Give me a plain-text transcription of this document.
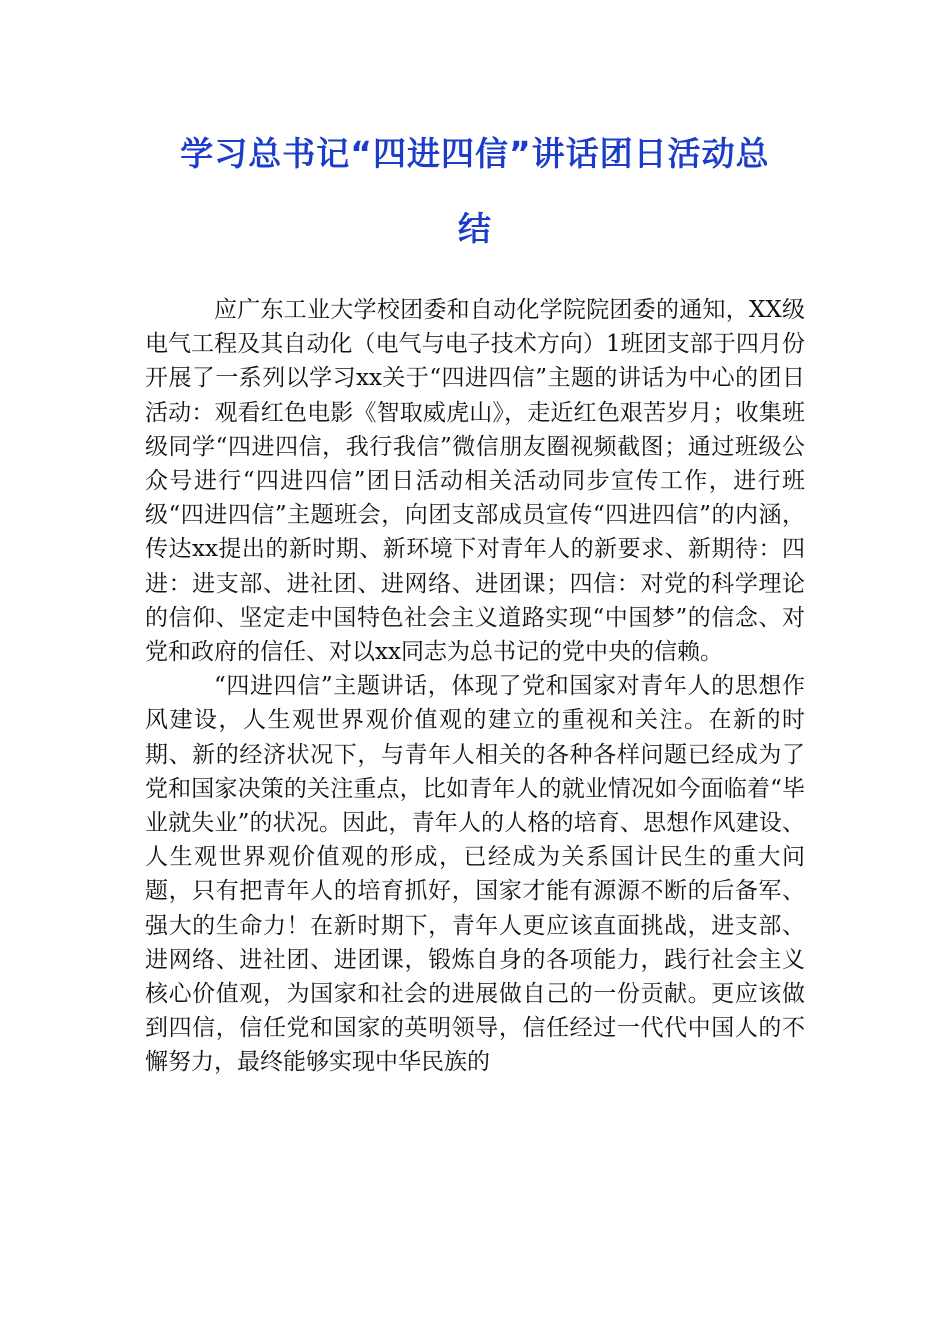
学习总书记“四进四信”讲话团日活动总
结

应广东工业大学校团委和自动化学院院团委的通知，XX级电气工程及其自动化（电气与电子技术方向）1班团支部于四月份开展了一系列以学习xx关于“四进四信”主题的讲话为中心的团日活动：观看红色电影《智取威虎山》，走近红色艰苦岁月；收集班级同学“四进四信，我行我信”微信朋友圈视频截图；通过班级公众号进行“四进四信”团日活动相关活动同步宣传工作，进行班级“四进四信”主题班会，向团支部成员宣传“四进四信”的内涵，传达xx提出的新时期、新环境下对青年人的新要求、新期待：四进：进支部、进社团、进网络、进团课；四信：对党的科学理论的信仰、坚定走中国特色社会主义道路实现“中国梦”的信念、对党和政府的信任、对以xx同志为总书记的党中央的信赖。

“四进四信”主题讲话，体现了党和国家对青年人的思想作风建设，人生观世界观价值观的建立的重视和关注。在新的时期、新的经济状况下，与青年人相关的各种各样问题已经成为了党和国家决策的关注重点，比如青年人的就业情况如今面临着“毕业就失业”的状况。因此，青年人的人格的培育、思想作风建设、人生观世界观价值观的形成，已经成为关系国计民生的重大问题，只有把青年人的培育抓好，国家才能有源源不断的后备军、强大的生命力！在新时期下，青年人更应该直面挑战，进支部、进网络、进社团、进团课，锻炼自身的各项能力，践行社会主义核心价值观，为国家和社会的进展做自己的一份贡献。更应该做到四信，信任党和国家的英明领导，信任经过一代代中国人的不懈努力，最终能够实现中华民族的
